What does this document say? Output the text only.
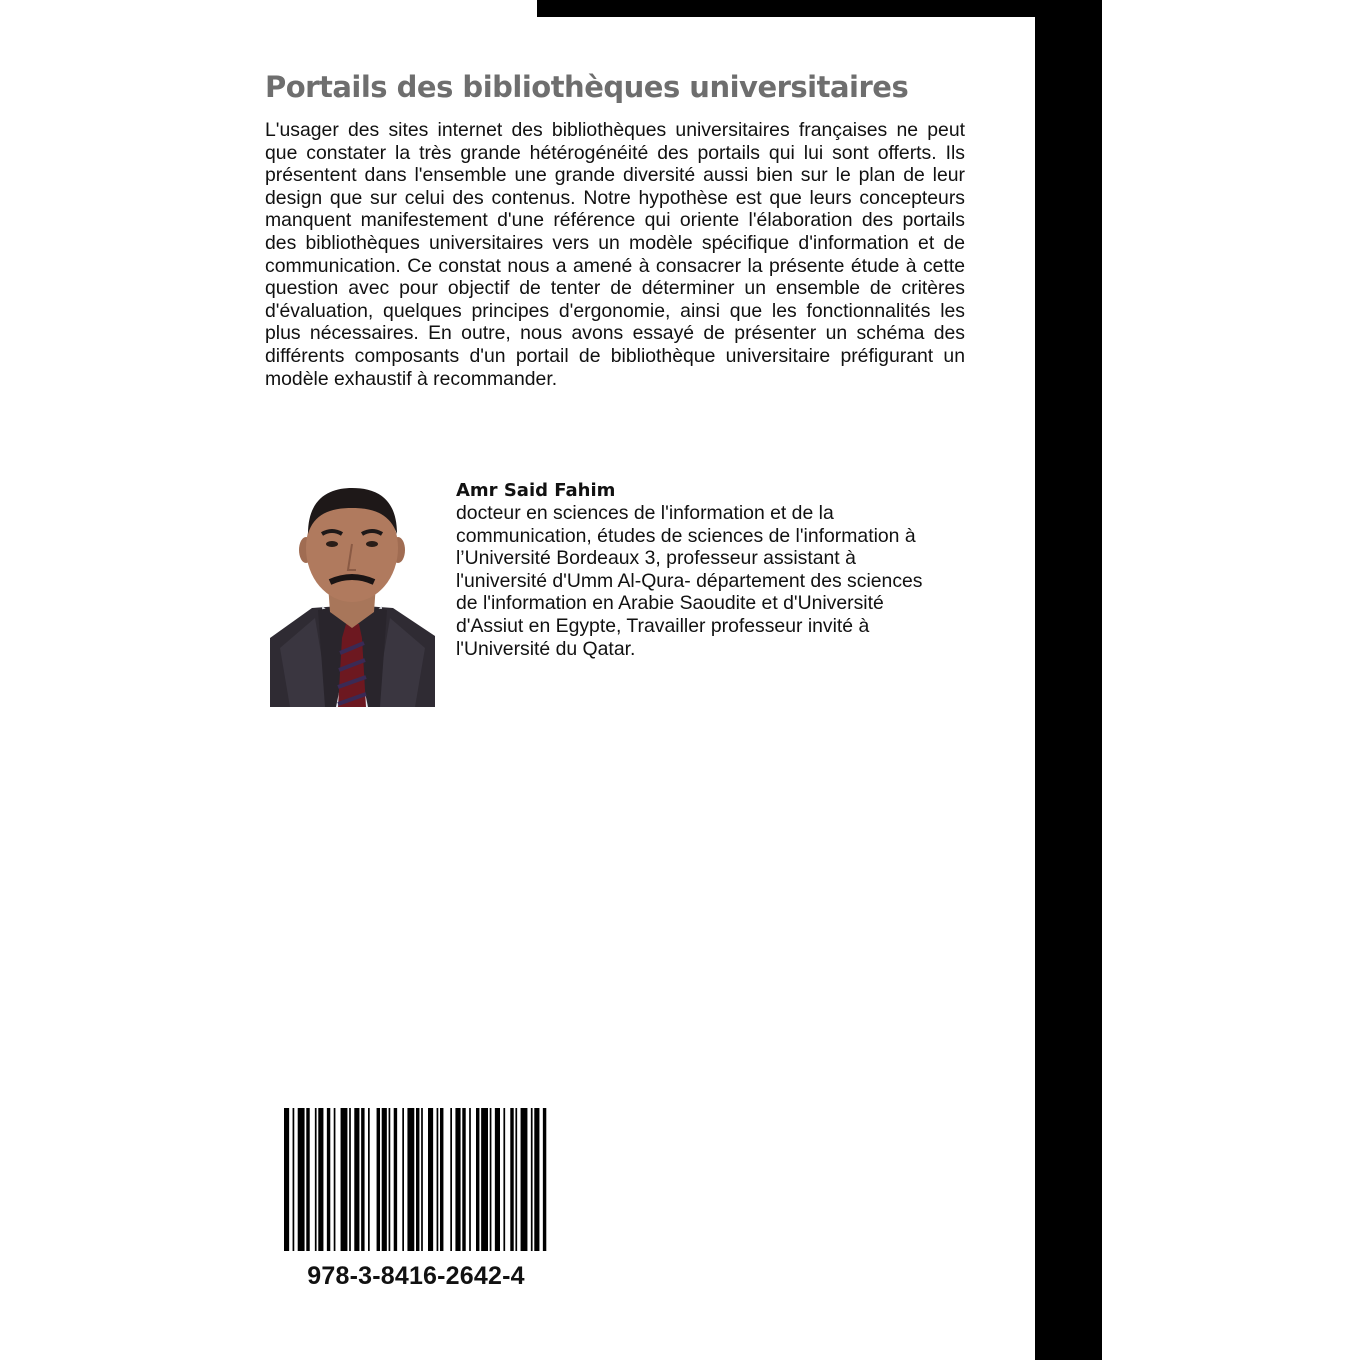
Portails des bibliothèques universitaires

L'usager des sites internet des bibliothèques universitaires françaises ne peut que constater la très grande hétérogénéité des portails qui lui sont offerts. Ils présentent dans l'ensemble une grande diversité aussi bien sur le plan de leur design que sur celui des contenus. Notre hypothèse est que leurs concepteurs manquent manifestement d'une référence qui oriente l'élaboration des portails des bibliothèques universitaires vers un modèle spécifique d'information et de communication. Ce constat nous a amené à consacrer la présente étude à cette question avec pour objectif de tenter de déterminer un ensemble de critères d'évaluation, quelques principes d'ergonomie, ainsi que les fonctionnalités les plus nécessaires. En outre, nous avons essayé de présenter un schéma des différents composants d'un portail de bibliothèque universitaire préfigurant un modèle exhaustif à recommander.

Amr Said Fahim

docteur en sciences de l'information et de la
communication, études de sciences de l'information à
l’Université Bordeaux 3, professeur assistant à
l'université d'Umm Al-Qura- département des sciences
de l'information en Arabie Saoudite et d'Université
d'Assiut en Egypte, Travailler professeur invité à
l'Université du Qatar.

978-3-8416-2642-4
